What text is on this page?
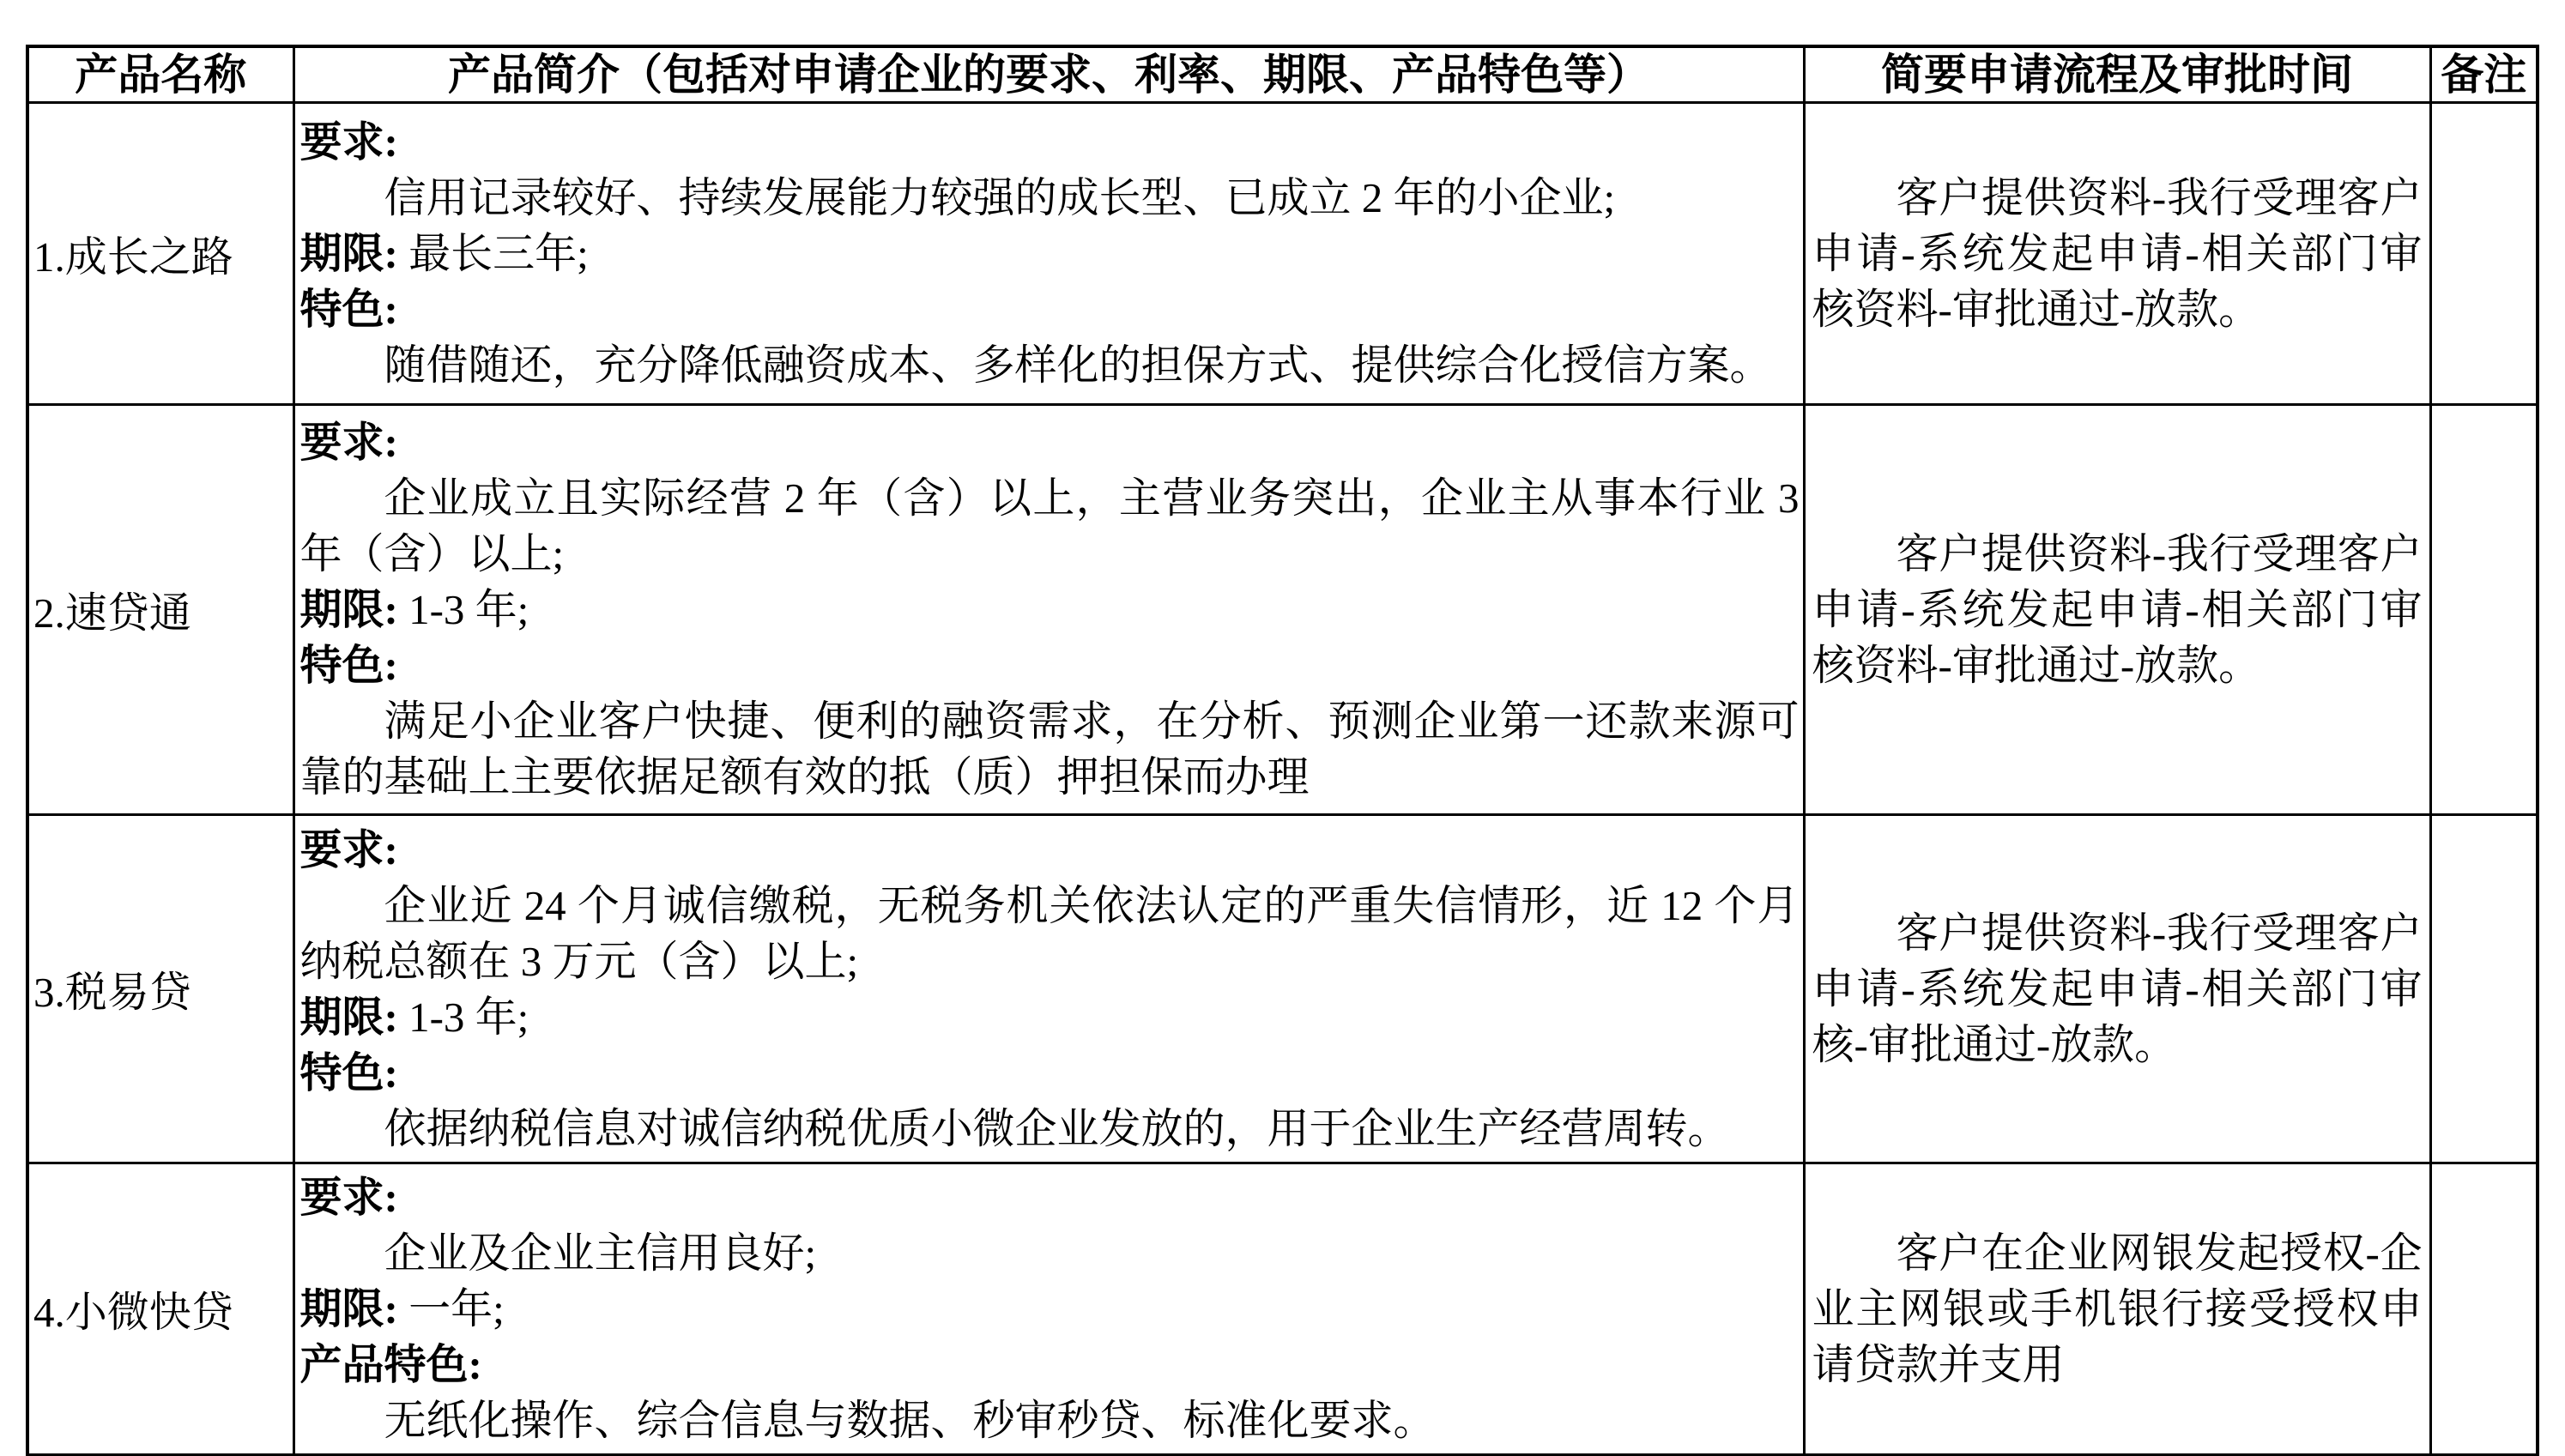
产品名称	产品简介（包括对申请企业的要求、利率、期限、产品特色等）	简要申请流程及审批时间	备注
1.成长之路	要求:

信用记录较好、持续发展能力较强的成长型、已成立 2 年的小企业;

期限: 最长三年;

特色:

随借随还，充分降低融资成本、多样化的担保方式、提供综合化授信方案。	客户提供资料-我行受理客户申请-系统发起申请-相关部门审核资料-审批通过-放款。	

2.速贷通	要求:

企业成立且实际经营 2 年（含）以上，主营业务突出，企业主从事本行业 3 年（含）以上;

期限: 1-3 年;

特色:

满足小企业客户快捷、便利的融资需求，在分析、预测企业第一还款来源可靠的基础上主要依据足额有效的抵（质）押担保而办理	客户提供资料-我行受理客户申请-系统发起申请-相关部门审核资料-审批通过-放款。	

3.税易贷	要求:

企业近 24 个月诚信缴税，无税务机关依法认定的严重失信情形，近 12 个月纳税总额在 3 万元（含）以上;

期限: 1-3 年;

特色:

依据纳税信息对诚信纳税优质小微企业发放的，用于企业生产经营周转。	客户提供资料-我行受理客户申请-系统发起申请-相关部门审核-审批通过-放款。	

4.小微快贷	要求:

企业及企业主信用良好;

期限: 一年;

产品特色:

无纸化操作、综合信息与数据、秒审秒贷、标准化要求。	客户在企业网银发起授权-企业主网银或手机银行接受授权申请贷款并支用	
